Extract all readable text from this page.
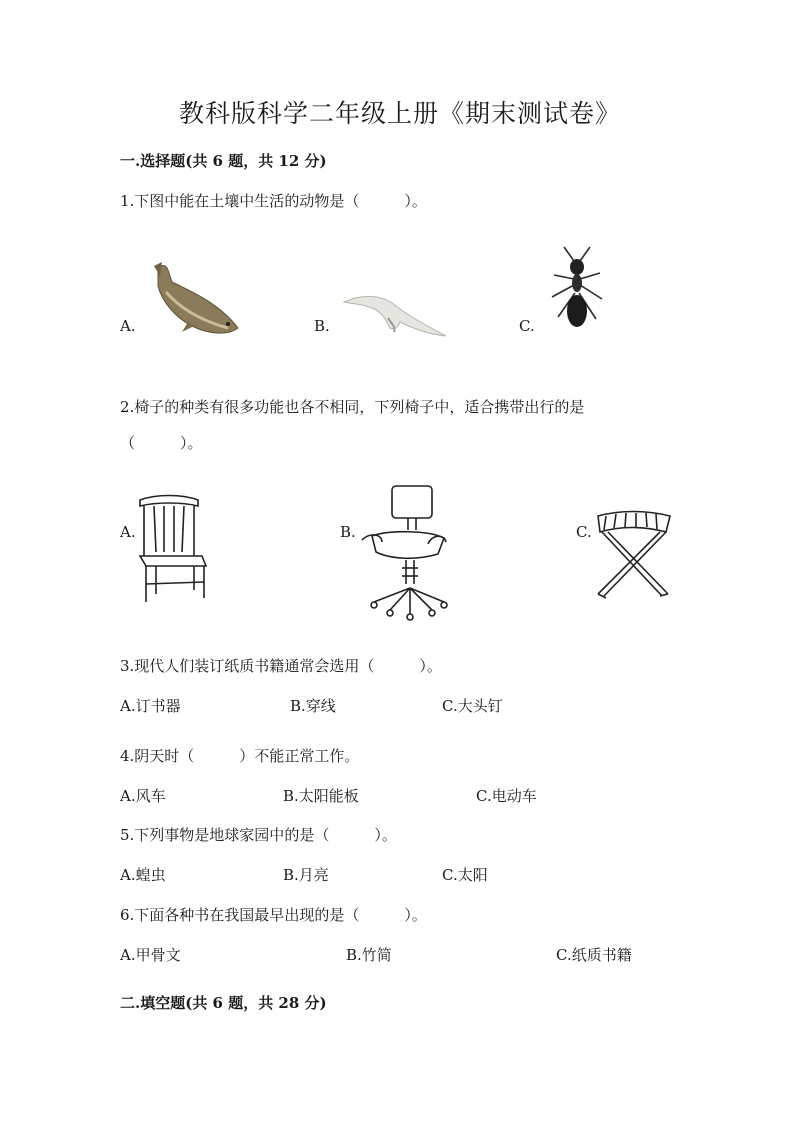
教科版科学二年级上册《期末测试卷》
一.选择题(共 6 题，共 12 分)
1.下图中能在土壤中生活的动物是（　　　）。
A.	B.	C.
2.椅子的种类有很多功能也各不相同，下列椅子中，适合携带出行的是
（　　　）。
A.	B.	C.
3.现代人们装订纸质书籍通常会选用（　　　）。
A.订书器	B.穿线	C.大头钉
4.阴天时（　　　）不能正常工作。
A.风车	B.太阳能板	C.电动车
5.下列事物是地球家园中的是（　　　）。
A.蝗虫	B.月亮	C.太阳
6.下面各种书在我国最早出现的是（　　　）。
A.甲骨文	B.竹简	C.纸质书籍
二.填空题(共 6 题，共 28 分)
